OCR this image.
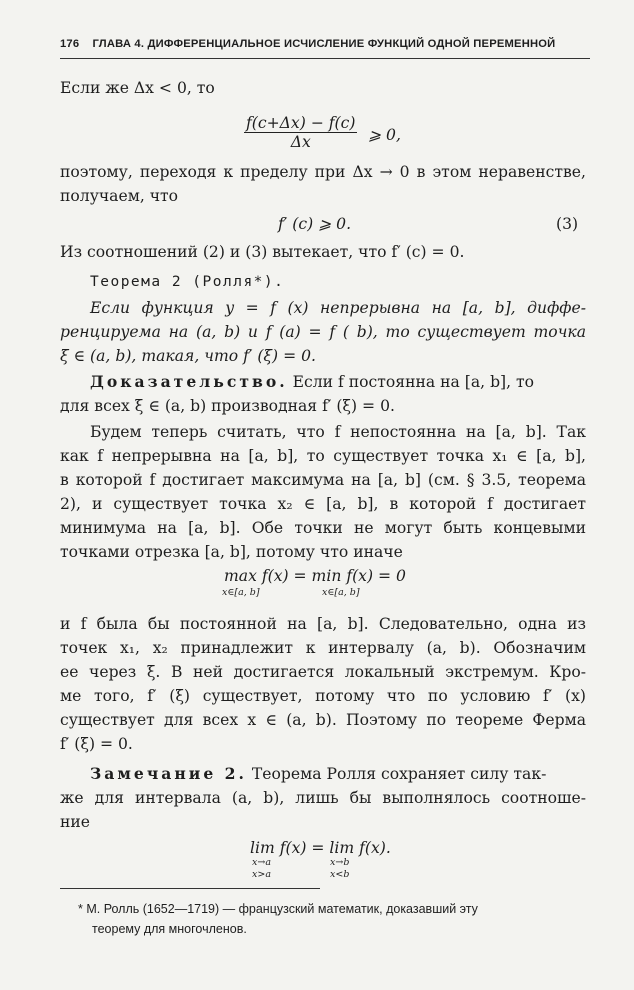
176 ГЛАВА 4. ДИФФЕРЕНЦИАЛЬНОЕ ИСЧИСЛЕНИЕ ФУНКЦИЙ ОДНОЙ ПЕРЕМЕННОЙ
Если же Δx < 0, то
$\frac{f(c+\Delta x) - f(c)}{\Delta x}$ ⩾ 0,
поэтому, переходя к пределу при Δx → 0 в этом неравенстве,
получаем, что
f′ (c) ⩾ 0.	(3)
Из соотношений (2) и (3) вытекает, что f′ (c) = 0.
Теорема 2 (Ролля*).
Если функция y = f (x) непрерывна на [a, b], диффе-
ренцируема на (a, b) и f (a) = f ( b), то существует точка
ξ ∈ (a, b), такая, что f′ (ξ) = 0.
Доказательство. Если f постоянна на [a, b], то
для всех ξ ∈ (a, b) производная f′ (ξ) = 0.
Будем теперь считать, что f непостоянна на [a, b]. Так
как f непрерывна на [a, b], то существует точка x₁ ∈ [a, b],
в которой f достигает максимума на [a, b] (см. § 3.5, теорема
2), и существует точка x₂ ∈ [a, b], в которой f достигает
минимума на [a, b]. Обе точки не могут быть концевыми
точками отрезка [a, b], потому что иначе
max f(x) = min f(x) = 0
x∈[a, b]	x∈[a, b]
и f была бы постоянной на [a, b]. Следовательно, одна из
точек x₁, x₂ принадлежит к интервалу (a, b). Обозначим
ее через ξ. В ней достигается локальный экстремум. Кро-
ме того, f′ (ξ) существует, потому что по условию f′ (x)
существует для всех x ∈ (a, b). Поэтому по теореме Ферма
f′ (ξ) = 0.
Замечание 2. Теорема Ролля сохраняет силу так-
же для интервала (a, b), лишь бы выполнялось соотноше-
ние
lim f(x) = lim f(x).
x→a
x>a
x→b
x<b
* М. Ролль (1652—1719) — французский математик, доказавший эту
теорему для многочленов.
